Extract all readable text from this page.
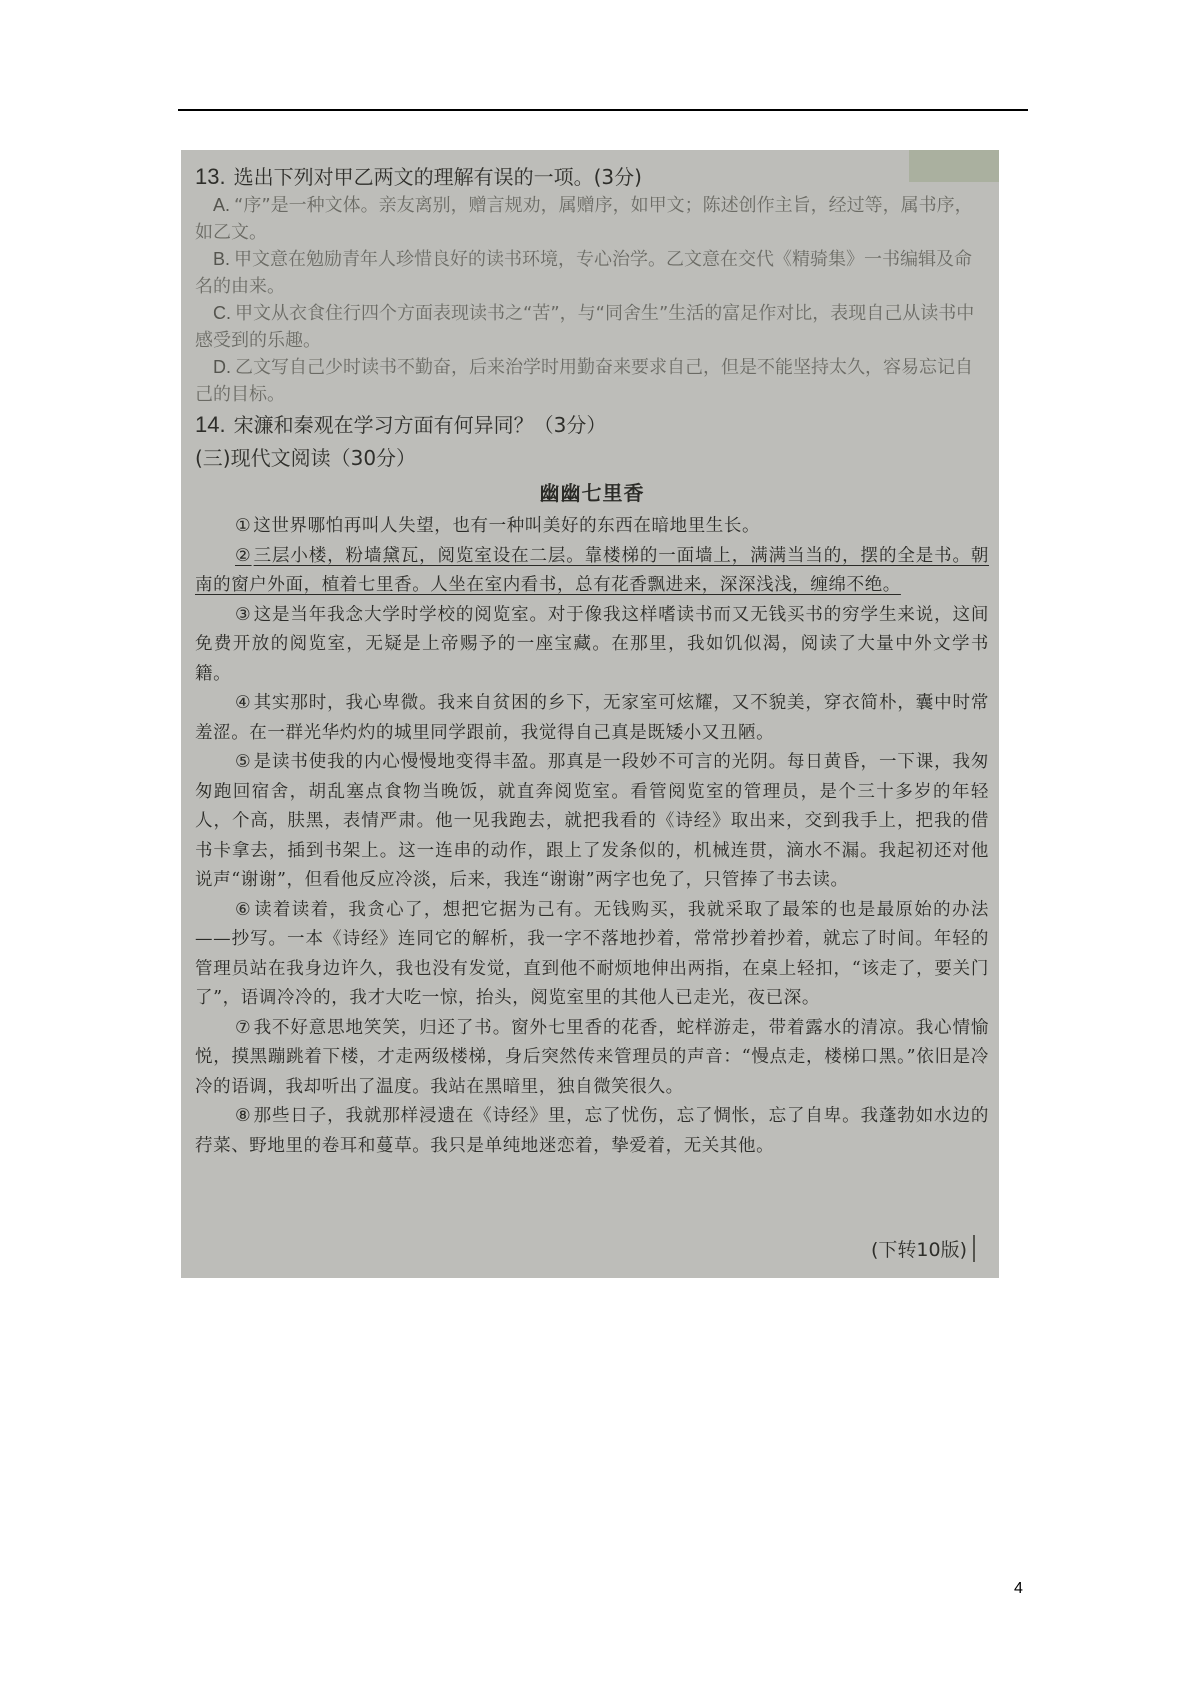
13. 选出下列对甲乙两文的理解有误的一项。(3分)

A. “序”是一种文体。亲友离别，赠言规劝，属赠序，如甲文；陈述创作主旨，经过等，属书序，如乙文。

B. 甲文意在勉励青年人珍惜良好的读书环境，专心治学。乙文意在交代《精骑集》一书编辑及命名的由来。

C. 甲文从衣食住行四个方面表现读书之“苦”，与“同舍生”生活的富足作对比，表现自己从读书中感受到的乐趣。

D. 乙文写自己少时读书不勤奋，后来治学时用勤奋来要求自己，但是不能坚持太久，容易忘记自己的目标。

14. 宋濂和秦观在学习方面有何异同？（3分）
(三)现代文阅读（30分）
幽幽七里香

① 这世界哪怕再叫人失望，也有一种叫美好的东西在暗地里生长。

② 三层小楼，粉墙黛瓦，阅览室设在二层。靠楼梯的一面墙上，满满当当的，摆的全是书。朝南的窗户外面，植着七里香。人坐在室内看书，总有花香飘进来，深深浅浅，缠绵不绝。

③ 这是当年我念大学时学校的阅览室。对于像我这样嗜读书而又无钱买书的穷学生来说，这间免费开放的阅览室，无疑是上帝赐予的一座宝藏。在那里，我如饥似渴，阅读了大量中外文学书籍。

④ 其实那时，我心卑微。我来自贫困的乡下，无家室可炫耀，又不貌美，穿衣简朴，囊中时常羞涩。在一群光华灼灼的城里同学跟前，我觉得自己真是既矮小又丑陋。

⑤ 是读书使我的内心慢慢地变得丰盈。那真是一段妙不可言的光阴。每日黄昏，一下课，我匆匆跑回宿舍，胡乱塞点食物当晚饭，就直奔阅览室。看管阅览室的管理员，是个三十多岁的年轻人，个高，肤黑，表情严肃。他一见我跑去，就把我看的《诗经》取出来，交到我手上，把我的借书卡拿去，插到书架上。这一连串的动作，跟上了发条似的，机械连贯，滴水不漏。我起初还对他说声“谢谢”，但看他反应冷淡，后来，我连“谢谢”两字也免了，只管捧了书去读。

⑥ 读着读着，我贪心了，想把它据为己有。无钱购买，我就采取了最笨的也是最原始的办法——抄写。一本《诗经》连同它的解析，我一字不落地抄着，常常抄着抄着，就忘了时间。年轻的管理员站在我身边许久，我也没有发觉，直到他不耐烦地伸出两指，在桌上轻扣，“该走了，要关门了”，语调冷冷的，我才大吃一惊，抬头，阅览室里的其他人已走光，夜已深。

⑦ 我不好意思地笑笑，归还了书。窗外七里香的花香，蛇样游走，带着露水的清凉。我心情愉悦，摸黑蹦跳着下楼，才走两级楼梯，身后突然传来管理员的声音：“慢点走，楼梯口黑。”依旧是冷冷的语调，我却听出了温度。我站在黑暗里，独自微笑很久。

⑧ 那些日子，我就那样浸遗在《诗经》里，忘了忧伤，忘了惆怅，忘了自卑。我蓬勃如水边的荇菜、野地里的卷耳和蔓草。我只是单纯地迷恋着，挚爱着，无关其他。

(下转10版)
4
